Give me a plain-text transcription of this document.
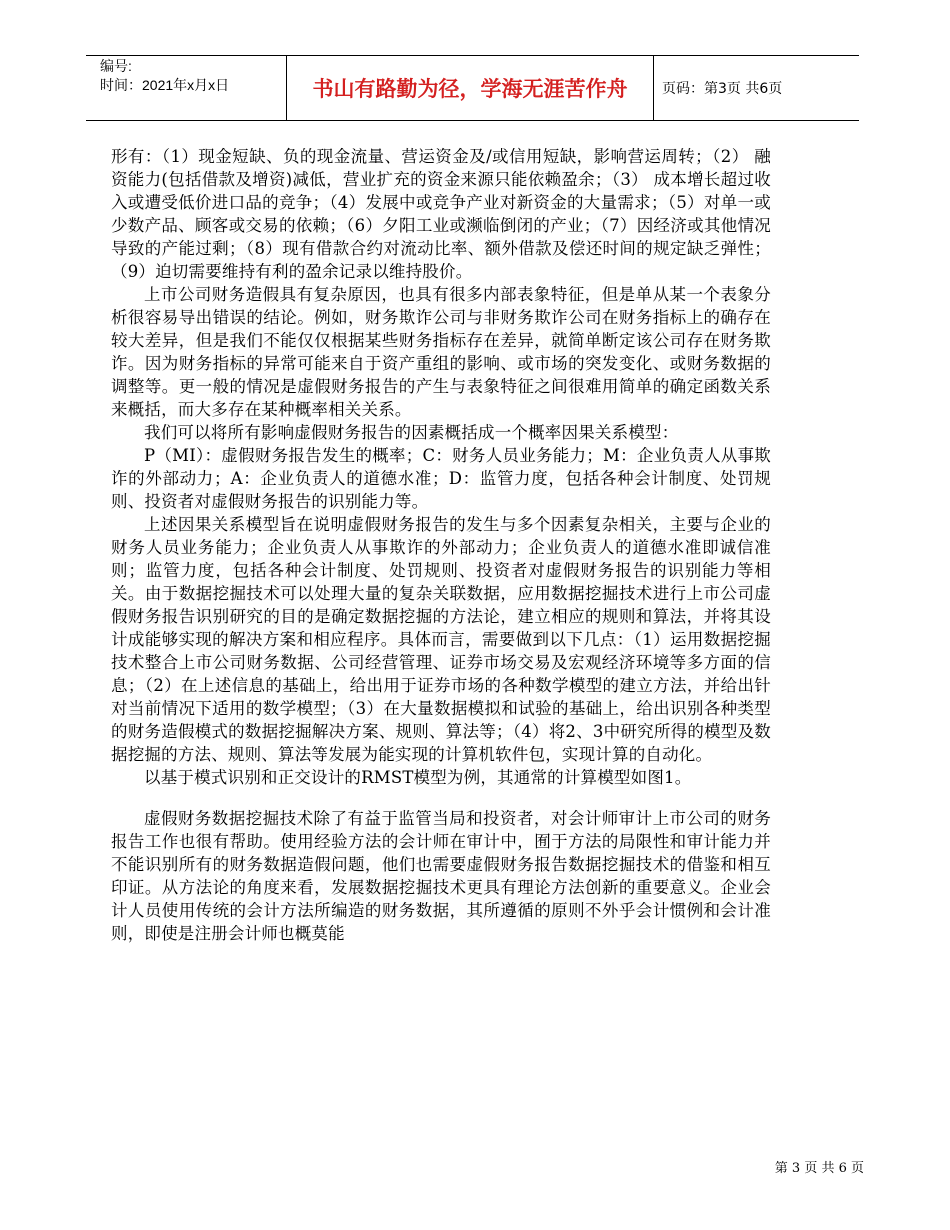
编号:
时间：2021年x月x日	书山有路勤为径，学海无涯苦作舟	页码：第3页 共6页

形有：（1）现金短缺、负的现金流量、营运资金及/或信用短缺，影响营运周转；（2） 融资能力(包括借款及增资)减低，营业扩充的资金来源只能依赖盈余；（3） 成本增长超过收入或遭受低价进口品的竞争；（4）发展中或竞争产业对新资金的大量需求；（5）对单一或少数产品、顾客或交易的依赖；（6）夕阳工业或濒临倒闭的产业；（7）因经济或其他情况导致的产能过剩；（8）现有借款合约对流动比率、额外借款及偿还时间的规定缺乏弹性；（9）迫切需要维持有利的盈余记录以维持股价。

上市公司财务造假具有复杂原因，也具有很多内部表象特征，但是单从某一个表象分析很容易导出错误的结论。例如，财务欺诈公司与非财务欺诈公司在财务指标上的确存在较大差异，但是我们不能仅仅根据某些财务指标存在差异，就简单断定该公司存在财务欺诈。因为财务指标的异常可能来自于资产重组的影响、或市场的突发变化、或财务数据的调整等。更一般的情况是虚假财务报告的产生与表象特征之间很难用简单的确定函数关系来概括，而大多存在某种概率相关关系。

我们可以将所有影响虚假财务报告的因素概括成一个概率因果关系模型：

P（MI）：虚假财务报告发生的概率；C：财务人员业务能力；M：企业负责人从事欺诈的外部动力；A：企业负责人的道德水准；D：监管力度，包括各种会计制度、处罚规则、投资者对虚假财务报告的识别能力等。

上述因果关系模型旨在说明虚假财务报告的发生与多个因素复杂相关，主要与企业的财务人员业务能力；企业负责人从事欺诈的外部动力；企业负责人的道德水准即诚信准则；监管力度，包括各种会计制度、处罚规则、投资者对虚假财务报告的识别能力等相关。由于数据挖掘技术可以处理大量的复杂关联数据，应用数据挖掘技术进行上市公司虚假财务报告识别研究的目的是确定数据挖掘的方法论，建立相应的规则和算法，并将其设计成能够实现的解决方案和相应程序。具体而言，需要做到以下几点：（1）运用数据挖掘技术整合上市公司财务数据、公司经营管理、证券市场交易及宏观经济环境等多方面的信息；（2）在上述信息的基础上，给出用于证券市场的各种数学模型的建立方法，并给出针对当前情况下适用的数学模型；（3）在大量数据模拟和试验的基础上，给出识别各种类型的财务造假模式的数据挖掘解决方案、规则、算法等；（4）将2、3中研究所得的模型及数据挖掘的方法、规则、算法等发展为能实现的计算机软件包，实现计算的自动化。

以基于模式识别和正交设计的RMST模型为例，其通常的计算模型如图1。

虚假财务数据挖掘技术除了有益于监管当局和投资者，对会计师审计上市公司的财务报告工作也很有帮助。使用经验方法的会计师在审计中，囿于方法的局限性和审计能力并不能识别所有的财务数据造假问题，他们也需要虚假财务报告数据挖掘技术的借鉴和相互印证。从方法论的角度来看，发展数据挖掘技术更具有理论方法创新的重要意义。企业会计人员使用传统的会计方法所编造的财务数据，其所遵循的原则不外乎会计惯例和会计准则，即使是注册会计师也概莫能

第 3 页 共 6 页
